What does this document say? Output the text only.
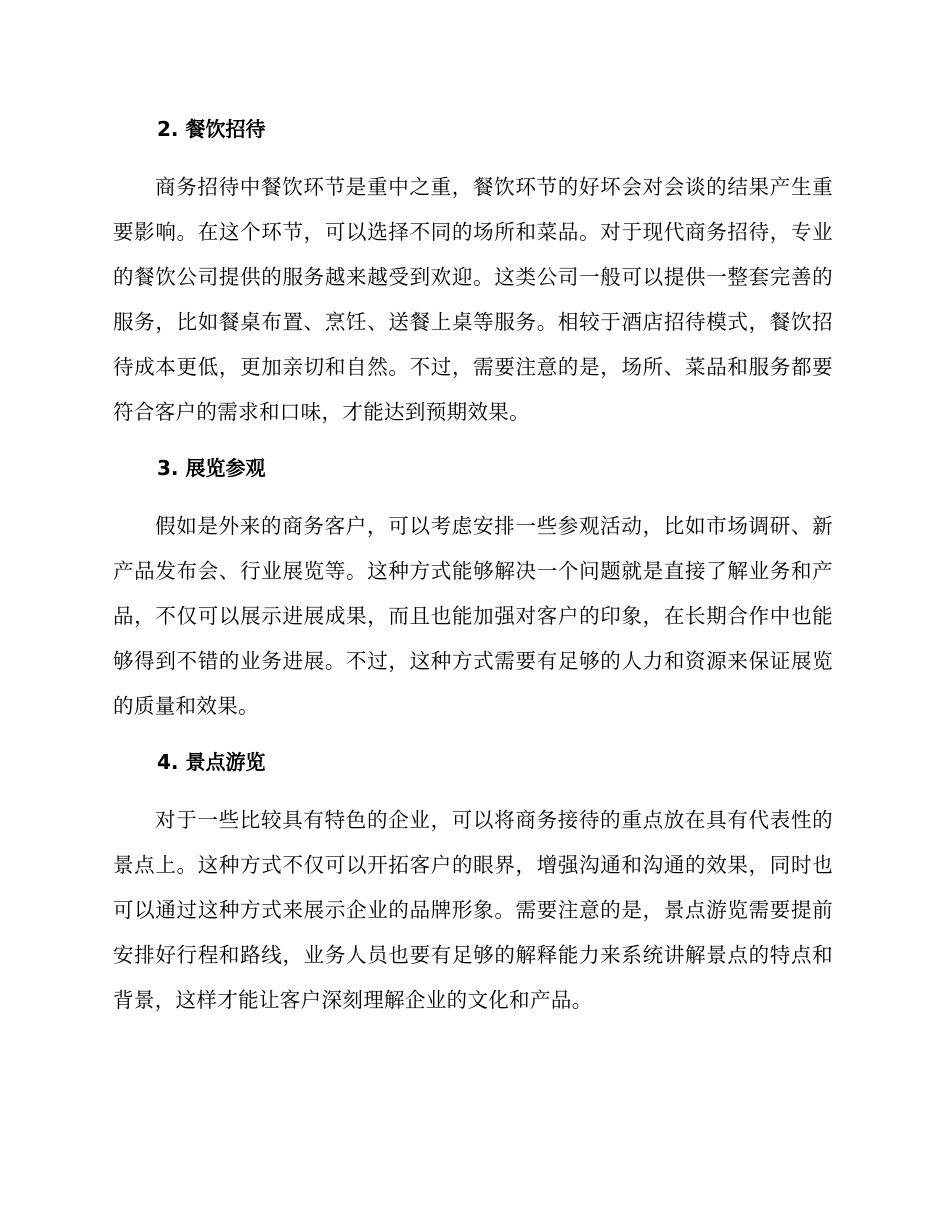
2. 餐饮招待

商务招待中餐饮环节是重中之重，餐饮环节的好坏会对会谈的结果产生重要影响。在这个环节，可以选择不同的场所和菜品。对于现代商务招待，专业的餐饮公司提供的服务越来越受到欢迎。这类公司一般可以提供一整套完善的服务，比如餐桌布置、烹饪、送餐上桌等服务。相较于酒店招待模式，餐饮招待成本更低，更加亲切和自然。不过，需要注意的是，场所、菜品和服务都要符合客户的需求和口味，才能达到预期效果。

3. 展览参观

假如是外来的商务客户，可以考虑安排一些参观活动，比如市场调研、新产品发布会、行业展览等。这种方式能够解决一个问题就是直接了解业务和产品，不仅可以展示进展成果，而且也能加强对客户的印象，在长期合作中也能够得到不错的业务进展。不过，这种方式需要有足够的人力和资源来保证展览的质量和效果。

4. 景点游览

对于一些比较具有特色的企业，可以将商务接待的重点放在具有代表性的景点上。这种方式不仅可以开拓客户的眼界，增强沟通和沟通的效果，同时也可以通过这种方式来展示企业的品牌形象。需要注意的是，景点游览需要提前安排好行程和路线，业务人员也要有足够的解释能力来系统讲解景点的特点和背景，这样才能让客户深刻理解企业的文化和产品。
